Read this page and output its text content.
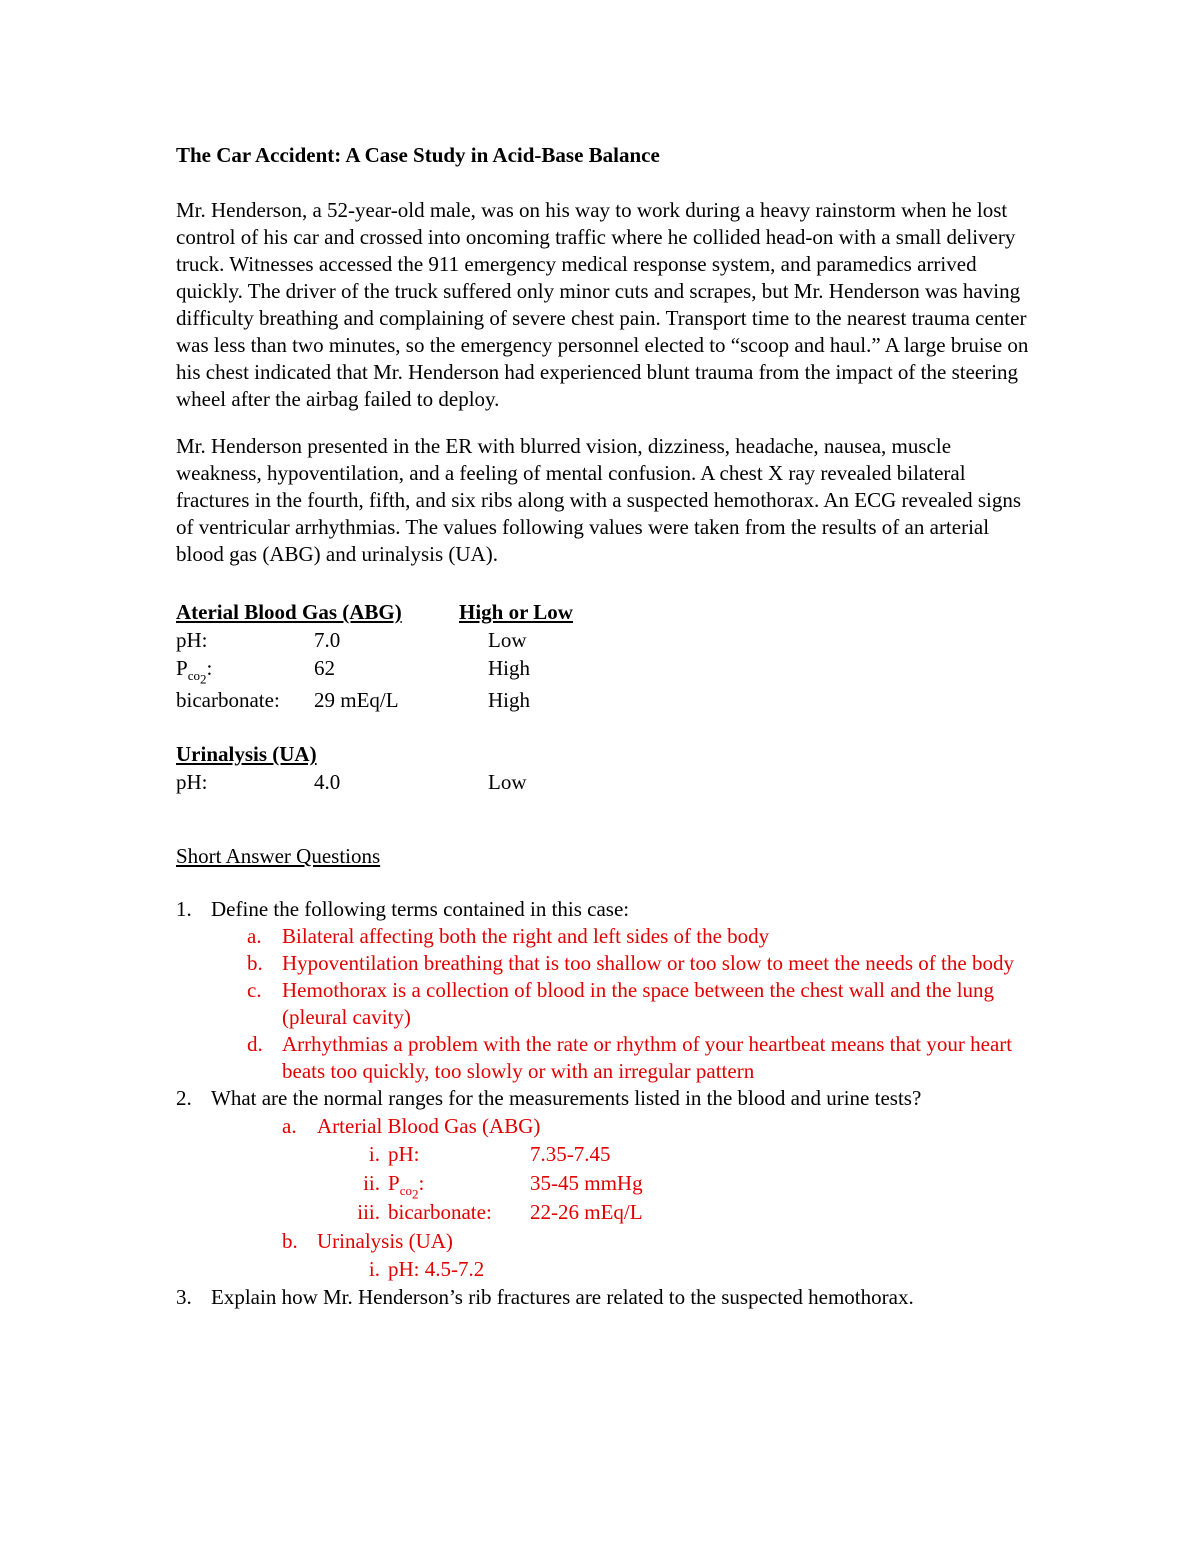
The Car Accident: A Case Study in Acid-Base Balance

Mr. Henderson, a 52-year-old male, was on his way to work during a heavy rainstorm when he lost control of his car and crossed into oncoming traffic where he collided head-on with a small delivery truck. Witnesses accessed the 911 emergency medical response system, and paramedics arrived quickly. The driver of the truck suffered only minor cuts and scrapes, but Mr. Henderson was having difficulty breathing and complaining of severe chest pain. Transport time to the nearest trauma center was less than two minutes, so the emergency personnel elected to “scoop and haul.” A large bruise on his chest indicated that Mr. Henderson had experienced blunt trauma from the impact of the steering wheel after the airbag failed to deploy.

Mr. Henderson presented in the ER with blurred vision, dizziness, headache, nausea, muscle weakness, hypoventilation, and a feeling of mental confusion. A chest X ray revealed bilateral fractures in the fourth, fifth, and six ribs along with a suspected hemothorax. An ECG revealed signs of ventricular arrhythmias. The values following values were taken from the results of an arterial blood gas (ABG) and urinalysis (UA).

Aterial Blood Gas (ABG)	High or Low
pH:	7.0	Low
$P_{co_2}$:	62	High
bicarbonate: 29 mEq/L	High
Urinalysis (UA)
pH:	4.0	Low
Short Answer Questions
1. Define the following terms contained in this case:
a. Bilateral affecting both the right and left sides of the body
b. Hypoventilation breathing that is too shallow or too slow to meet the needs of the body
c. Hemothorax is a collection of blood in the space between the chest wall and the lung (pleural cavity)
d. Arrhythmias a problem with the rate or rhythm of your heartbeat means that your heart beats too quickly, too slowly or with an irregular pattern
2. What are the normal ranges for the measurements listed in the blood and urine tests?
a. Arterial Blood Gas (ABG)
i. pH:	7.35-7.45
ii. $P_{co_2}$:	35-45 mmHg
iii. bicarbonate: 22-26 mEq/L
b. Urinalysis (UA)
i. pH: 4.5-7.2
3. Explain how Mr. Henderson’s rib fractures are related to the suspected hemothorax.
